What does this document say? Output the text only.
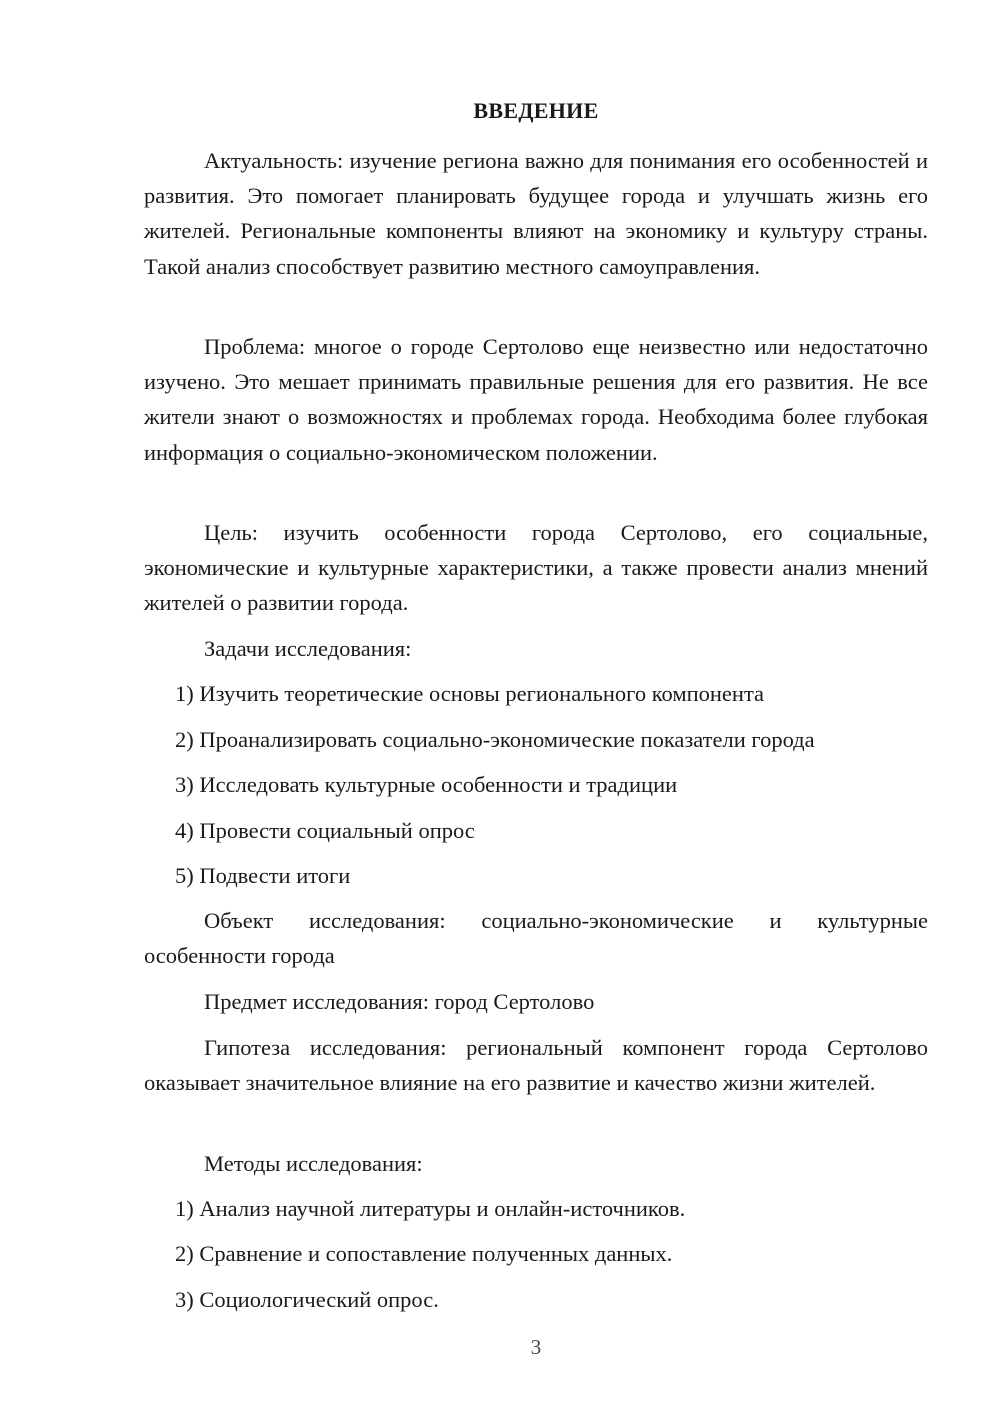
ВВЕДЕНИЕ

Актуальность: изучение региона важно для понимания его особенностей и развития. Это помогает планировать будущее города и улучшать жизнь его жителей. Региональные компоненты влияют на экономику и культуру страны. Такой анализ способствует развитию местного самоуправления.

Проблема: многое о городе Сертолово еще неизвестно или недостаточно изучено. Это мешает принимать правильные решения для его развития. Не все жители знают о возможностях и проблемах города. Необходима более глубокая информация о социально-экономическом положении.

Цель: изучить особенности города Сертолово, его социальные, экономические и культурные характеристики, а также провести анализ мнений жителей о развитии города.

Задачи исследования:

1) Изучить теоретические основы регионального компонента

2) Проанализировать социально-экономические показатели города

3) Исследовать культурные особенности и традиции

4) Провести социальный опрос

5) Подвести итоги

Объект исследования: социально-экономические и культурные особенности города

Предмет исследования: город Сертолово

Гипотеза исследования: региональный компонент города Сертолово оказывает значительное влияние на его развитие и качество жизни жителей.

Методы исследования:

1) Анализ научной литературы и онлайн-источников.

2) Сравнение и сопоставление полученных данных.

3) Социологический опрос.

3
